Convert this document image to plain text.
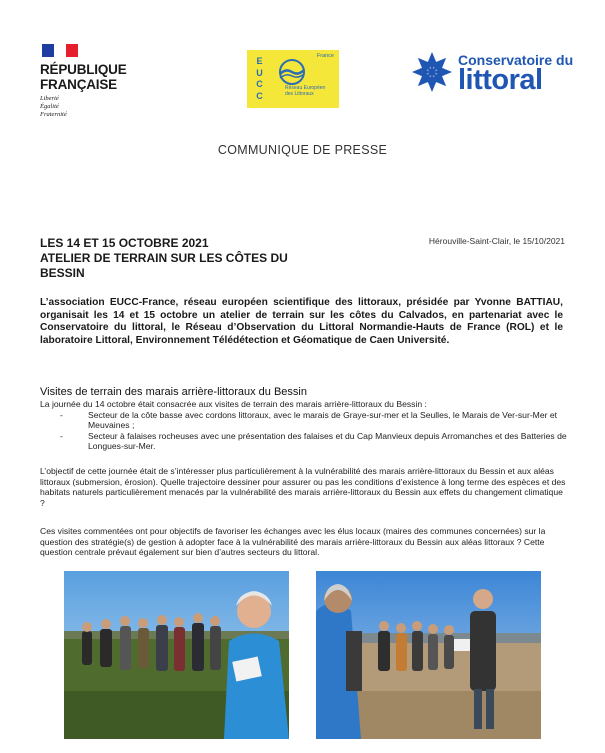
RÉPUBLIQUE
FRANÇAISE
Liberté
Égalité
Fraternité
E
U
C
C
France
Réseau Européen
des Littoraux
Conservatoire du
littoral
COMMUNIQUE DE PRESSE
LES 14 ET 15 OCTOBRE 2021
ATELIER DE TERRAIN SUR LES CÔTES DU
BESSIN
Hérouville-Saint-Clair, le 15/10/2021
L’association EUCC-France, réseau européen scientifique des littoraux, présidée par Yvonne BATTIAU, organisait les 14 et 15 octobre un atelier de terrain sur les côtes du Calvados, en partenariat avec le Conservatoire du littoral, le Réseau d’Observation du Littoral Normandie-Hauts de France (ROL) et le laboratoire Littoral, Environnement Télédétection et Géomatique de Caen Université.
Visites de terrain des marais arrière-littoraux du Bessin
La journée du 14 octobre était consacrée aux visites de terrain des marais arrière-littoraux du Bessin :
- Secteur de la côte basse avec cordons littoraux, avec le marais de Graye-sur-mer et la Seulles, le Marais de Ver-sur-Mer et Meuvaines ;
- Secteur à falaises rocheuses avec une présentation des falaises et du Cap Manvieux depuis Arromanches et des Batteries de Longues-sur-Mer.
L’objectif de cette journée était de s’intéresser plus particulièrement à la vulnérabilité des marais arrière-littoraux du Bessin et aux aléas littoraux (submersion, érosion). Quelle trajectoire dessiner pour assurer ou pas les conditions d’existence à long terme des espèces et des habitats naturels particulièrement menacés par la vulnérabilité des marais arrière-littoraux du Bessin aux effets du changement climatique ?
Ces visites commentées ont pour objectifs de favoriser les échanges avec les élus locaux (maires des communes concernées) sur la question des stratégie(s) de gestion à adopter face à la vulnérabilité des marais arrière-littoraux du Bessin aux aléas littoraux ? Cette question centrale prévaut également sur bien d’autres secteurs du littoral.
